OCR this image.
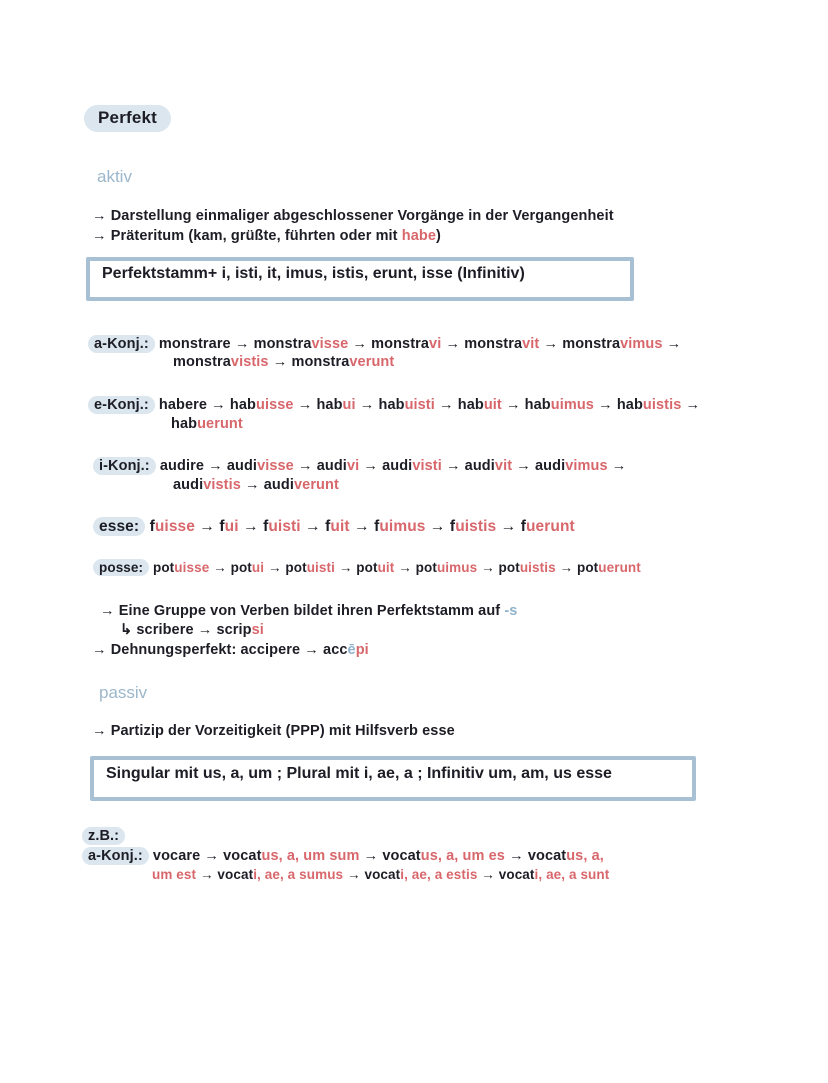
Perfekt
aktiv
→ Darstellung einmaliger abgeschlossener Vorgänge in der Vergangenheit
→ Präteritum (kam, grüßte, führten oder mit habe)
Perfektstamm+ i, isti, it, imus, istis, erunt, isse (Infinitiv)
a-Konj.: monstrare → monstravisse → monstravi → monstravit → monstravimus →
monstravistis → monstraverunt
e-Konj.: habere → habuisse → habui → habuisti → habuit → habuimus → habuistis →
habuerunt
i-Konj.: audire → audivisse → audivi → audivisti → audivit → audivimus →
audivistis → audiverunt
esse: fuisse → fui → fuisti → fuit → fuimus → fuistis → fuerunt
posse: potuisse → potui → potuisti → potuit → potuimus → potuistis → potuerunt
→ Eine Gruppe von Verben bildet ihren Perfektstamm auf -s
↳ scribere → scripsi
→ Dehnungsperfekt: accipere → accēpi
passiv
→ Partizip der Vorzeitigkeit (PPP) mit Hilfsverb esse
Singular mit us, a, um ; Plural mit i, ae, a ; Infinitiv um, am, us esse
z.B.:
a-Konj.: vocare → vocatus, a, um sum → vocatus, a, um es → vocatus, a,
um est → vocati, ae, a sumus → vocati, ae, a estis → vocati, ae, a sunt
